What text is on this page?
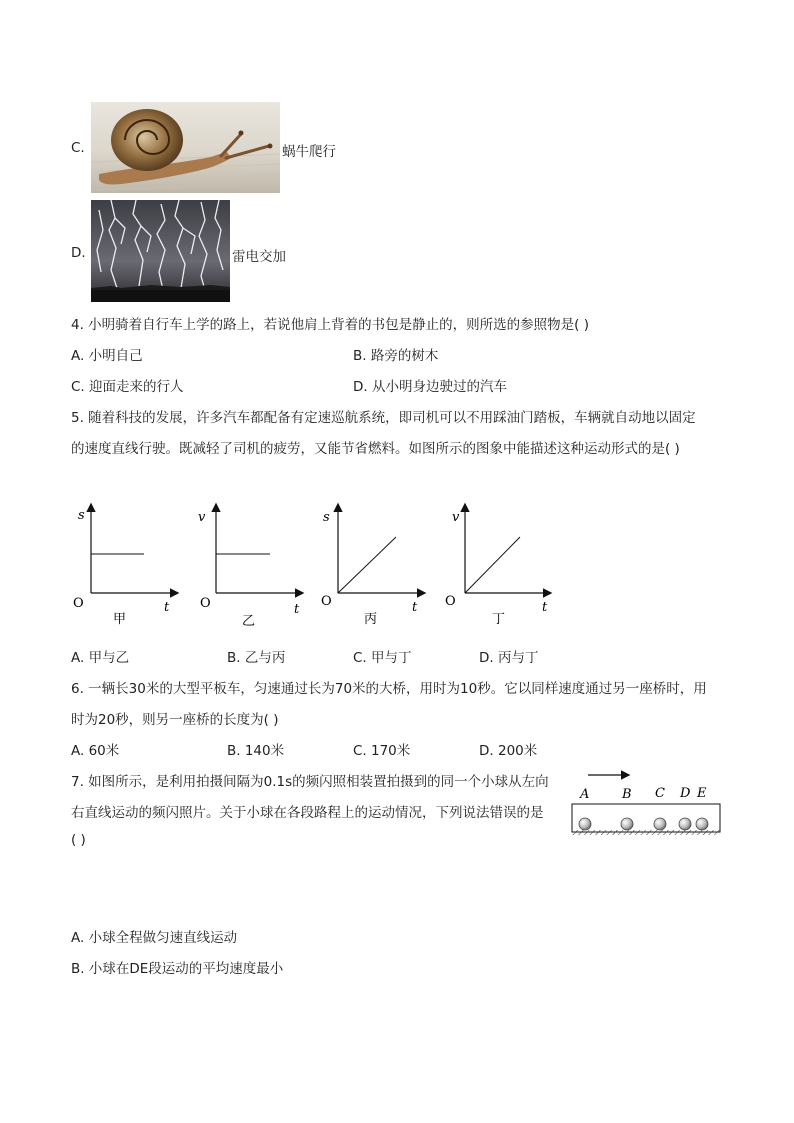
C.	蜗牛爬行
D.	雷电交加
4. 小明骑着自行车上学的路上，若说他肩上背着的书包是静止的，则所选的参照物是( )
A. 小明自己	B. 路旁的树木
C. 迎面走来的行人	D. 从小明身边驶过的汽车
5. 随着科技的发展，许多汽车都配备有定速巡航系统，即司机可以不用踩油门踏板，车辆就自动地以固定
的速度直线行驶。既减轻了司机的疲劳，又能节省燃料。如图所示的图象中能描述这种运动形式的是( )
s
t
O
甲
v
t
O
乙
s
t
O
丙
v
t
O
丁
A. 甲与乙	B. 乙与丙	C. 甲与丁	D. 丙与丁
6. 一辆长30米的大型平板车，匀速通过长为70米的大桥，用时为10秒。它以同样速度通过另一座桥时，用
时为20秒，则另一座桥的长度为( )
A. 60米	B. 140米	C. 170米	D. 200米
7. 如图所示，是利用拍摄间隔为0.1s的频闪照相装置拍摄到的同一个小球从左向
右直线运动的频闪照片。关于小球在各段路程上的运动情况，下列说法错误的是
( )
A	B C D E
A. 小球全程做匀速直线运动
B. 小球在DE段运动的平均速度最小
